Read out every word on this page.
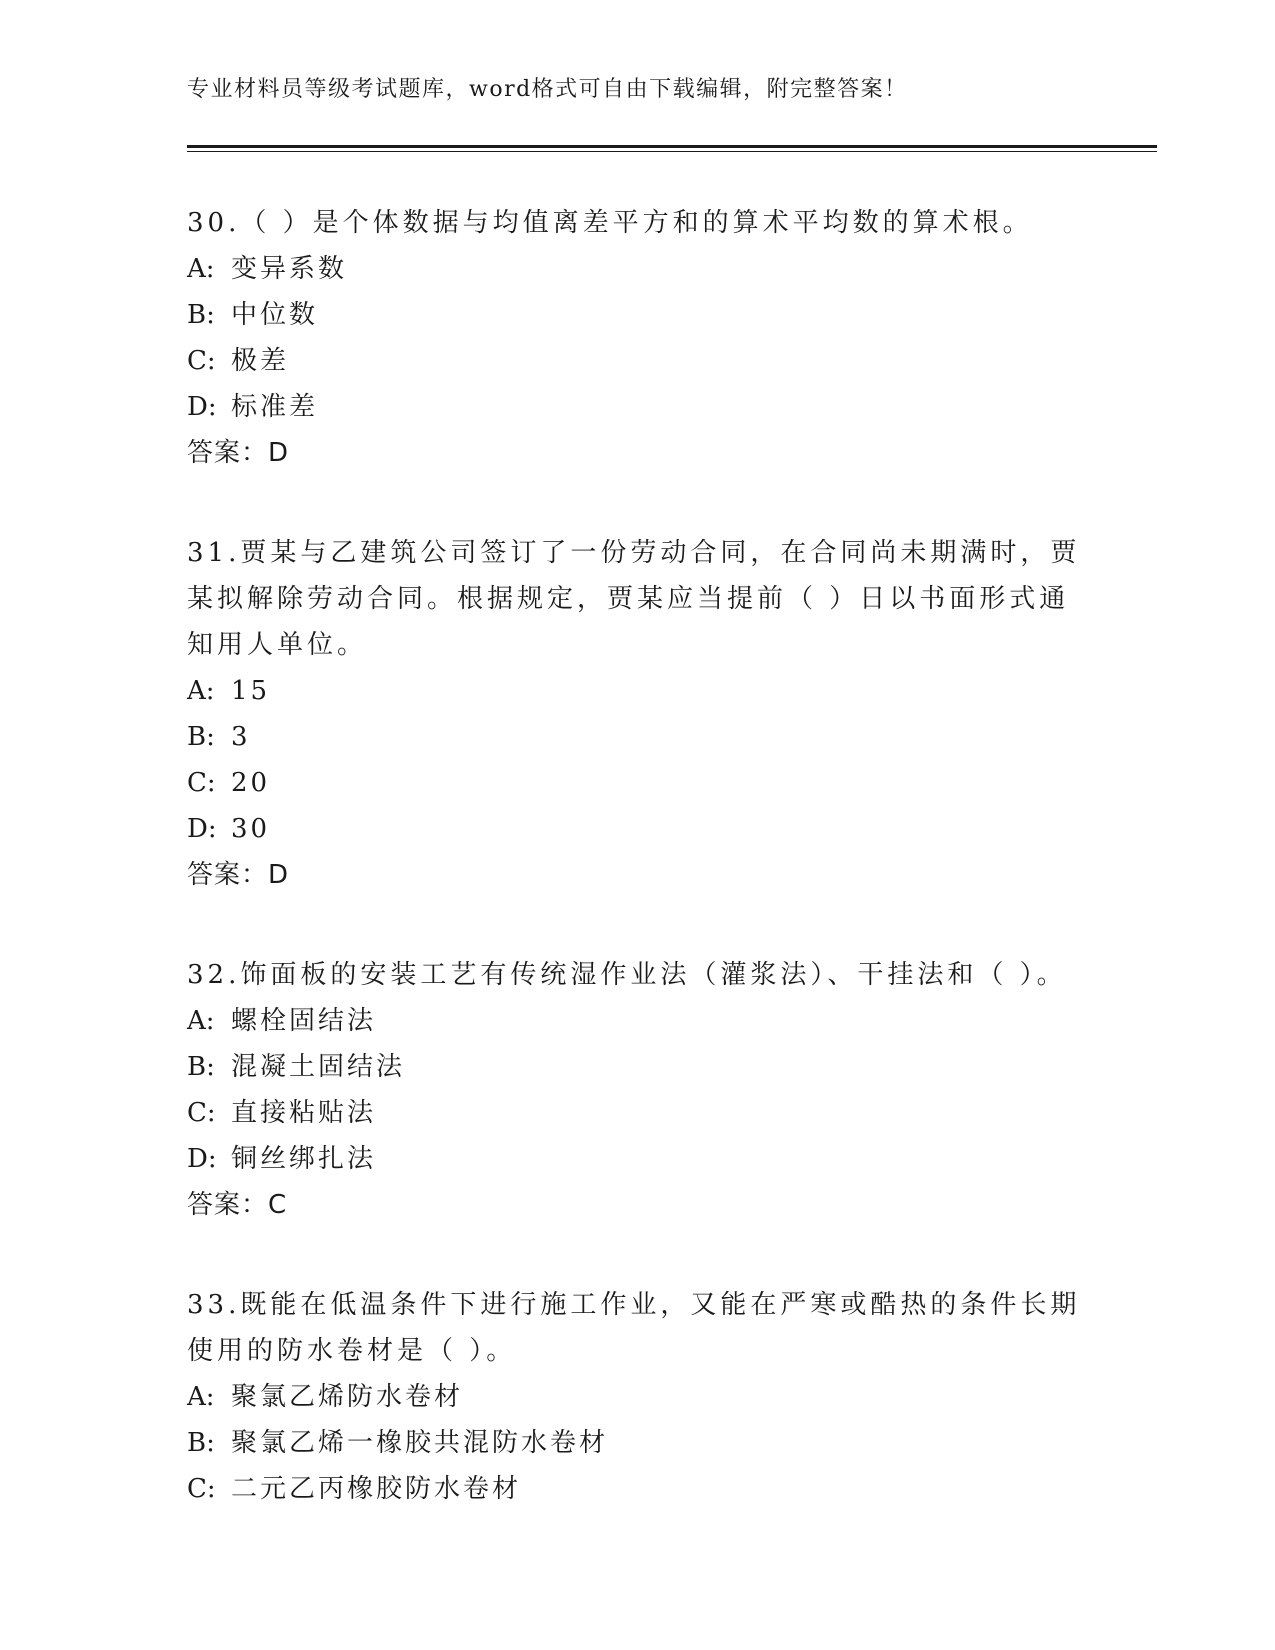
专业材料员等级考试题库，word格式可自由下载编辑，附完整答案！
30.（ ）是个体数据与均值离差平方和的算术平均数的算术根。
A: 变异系数
B: 中位数
C: 极差
D: 标准差
答案：D
31.贾某与乙建筑公司签订了一份劳动合同，在合同尚未期满时，贾某拟解除劳动合同。根据规定，贾某应当提前（ ）日以书面形式通知用人单位。
A: 15
B: 3
C: 20
D: 30
答案：D
32.饰面板的安装工艺有传统湿作业法（灌浆法）、干挂法和（ ）。
A: 螺栓固结法
B: 混凝土固结法
C: 直接粘贴法
D: 铜丝绑扎法
答案：C
33.既能在低温条件下进行施工作业，又能在严寒或酷热的条件长期使用的防水卷材是（ ）。
A: 聚氯乙烯防水卷材
B: 聚氯乙烯一橡胶共混防水卷材
C: 二元乙丙橡胶防水卷材
